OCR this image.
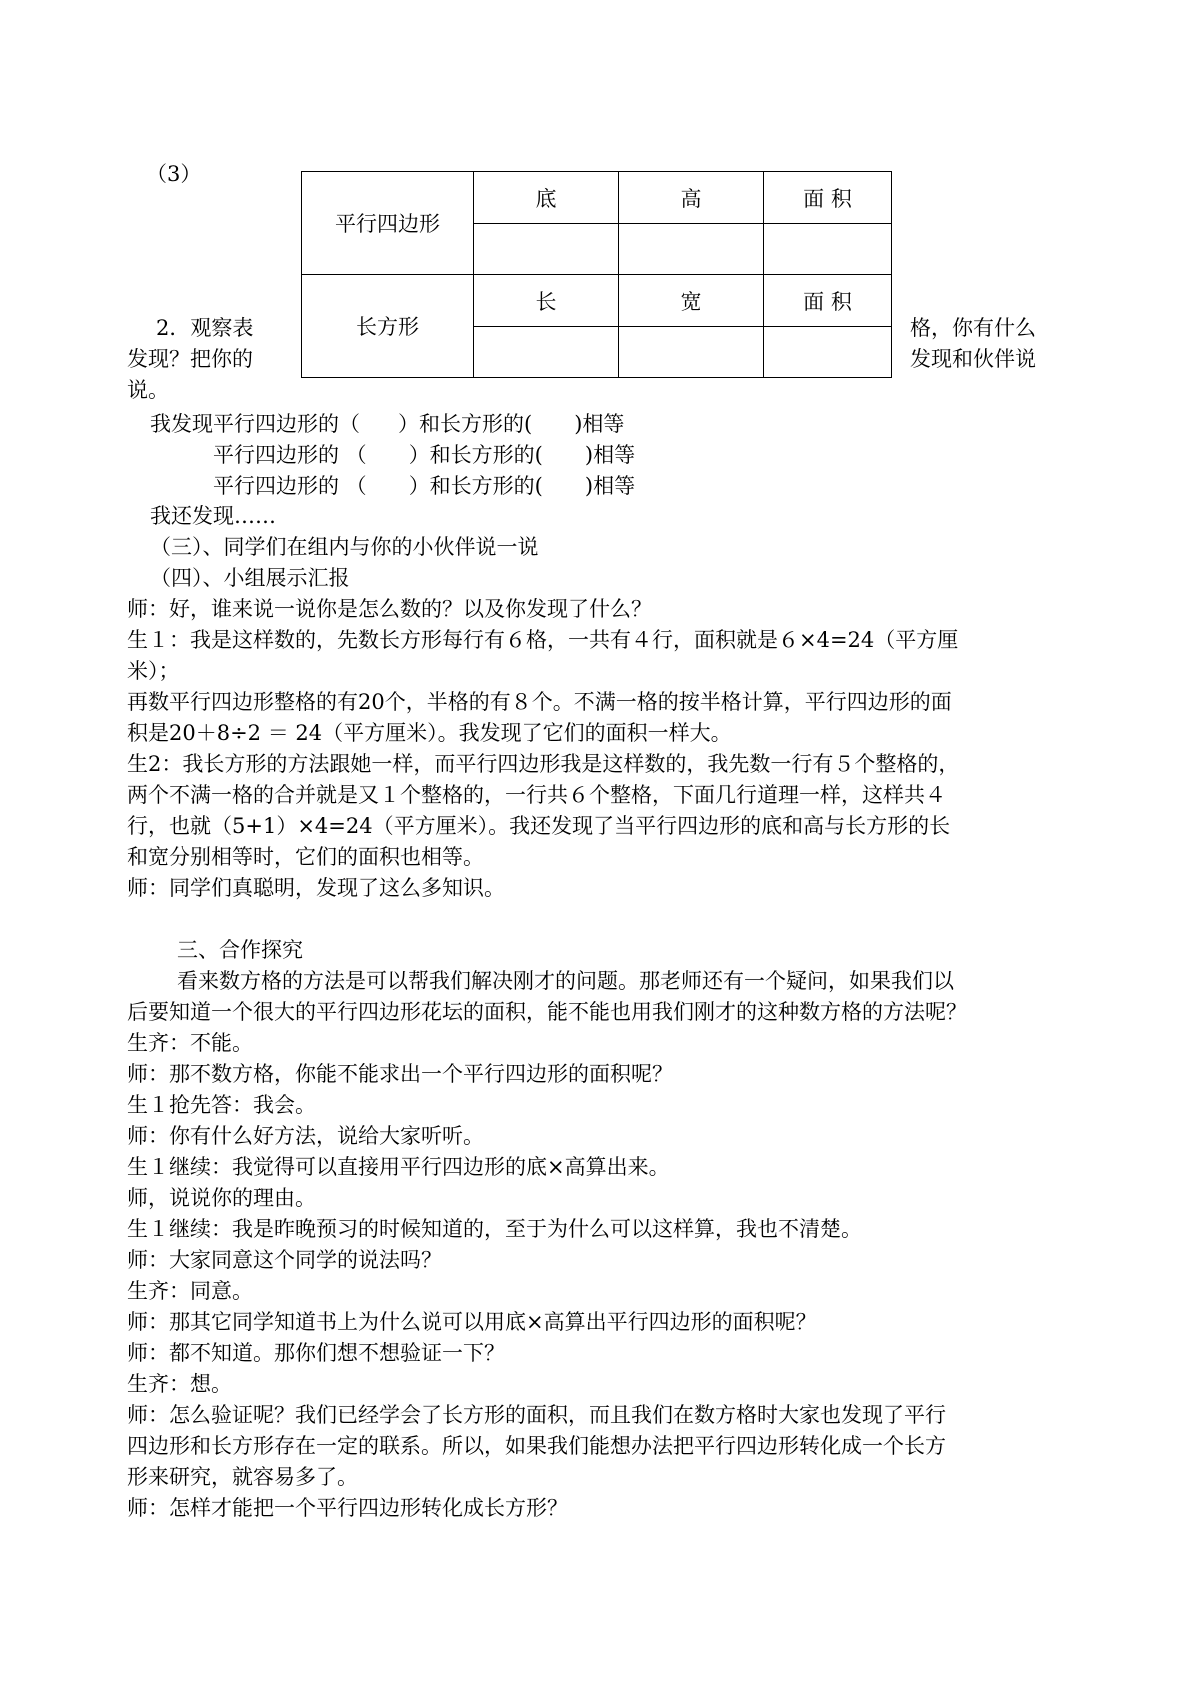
（3）
2．观察表
发现？把你的
说。
格，你有什么
发现和伙伴说
平行四边形	底	高	面 积

长方形	长	宽	面 积

我发现平行四边形的（ ）和长方形的( )相等
平行四边形的 （ ）和长方形的( )相等
平行四边形的 （ ）和长方形的( )相等
我还发现……
（三）、同学们在组内与你的小伙伴说一说
（四）、小组展示汇报
师：好，谁来说一说你是怎么数的？以及你发现了什么？
生１：我是这样数的，先数长方形每行有６格，一共有４行，面积就是６×4=24（平方厘
米）；
再数平行四边形整格的有20个，半格的有８个。不满一格的按半格计算，平行四边形的面
积是20＋8÷2 ＝ 24（平方厘米）。我发现了它们的面积一样大。
生2：我长方形的方法跟她一样，而平行四边形我是这样数的，我先数一行有５个整格的，
两个不满一格的合并就是又１个整格的，一行共６个整格，下面几行道理一样，这样共４
行，也就（5+1）×4=24（平方厘米）。我还发现了当平行四边形的底和高与长方形的长
和宽分别相等时，它们的面积也相等。
师：同学们真聪明，发现了这么多知识。
三、合作探究
看来数方格的方法是可以帮我们解决刚才的问题。那老师还有一个疑问，如果我们以
后要知道一个很大的平行四边形花坛的面积，能不能也用我们刚才的这种数方格的方法呢？
生齐：不能。
师：那不数方格，你能不能求出一个平行四边形的面积呢？
生１抢先答：我会。
师：你有什么好方法，说给大家听听。
生１继续：我觉得可以直接用平行四边形的底×高算出来。
师，说说你的理由。
生１继续：我是昨晚预习的时候知道的，至于为什么可以这样算，我也不清楚。
师：大家同意这个同学的说法吗？
生齐：同意。
师：那其它同学知道书上为什么说可以用底×高算出平行四边形的面积呢？
师：都不知道。那你们想不想验证一下？
生齐：想。
师：怎么验证呢？我们已经学会了长方形的面积，而且我们在数方格时大家也发现了平行
四边形和长方形存在一定的联系。所以，如果我们能想办法把平行四边形转化成一个长方
形来研究，就容易多了。
师：怎样才能把一个平行四边形转化成长方形？
